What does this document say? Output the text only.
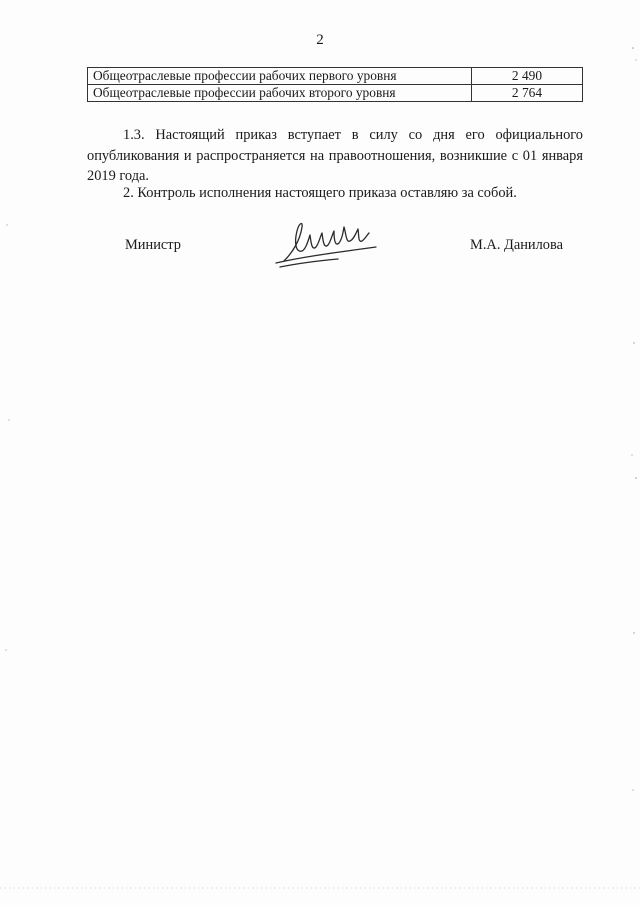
2
Общеотраслевые профессии рабочих первого уровня	2 490
Общеотраслевые профессии рабочих второго уровня	2 764
1.3. Настоящий приказ вступает в силу со дня его официального опубликования и распространяется на правоотношения, возникшие с 01 января 2019 года.
2. Контроль исполнения настоящего приказа оставляю за собой.
Министр	М.А. Данилова
